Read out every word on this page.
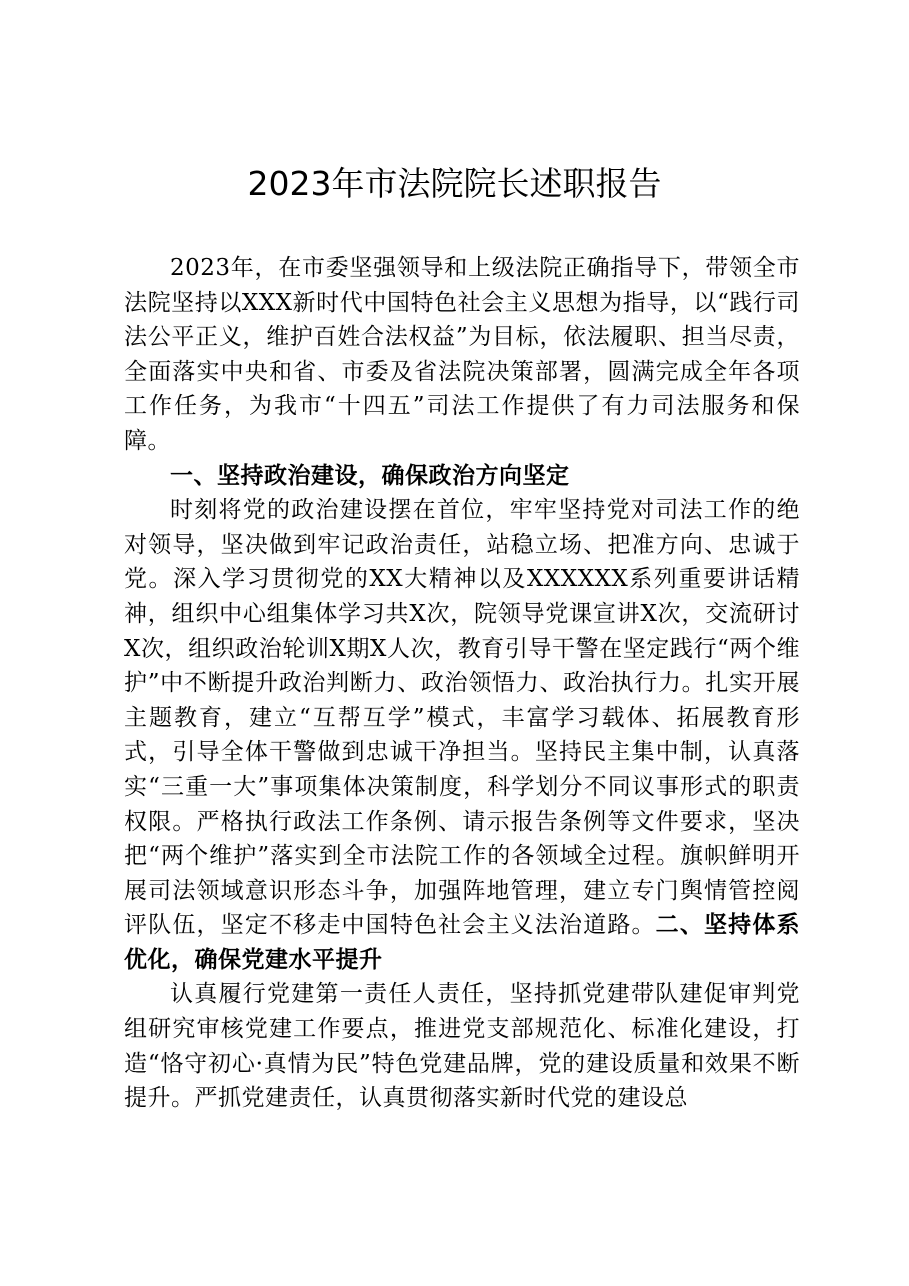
2023年市法院院长述职报告

2023年，在市委坚强领导和上级法院正确指导下，带领全市法院坚持以XXX新时代中国特色社会主义思想为指导，以“践行司法公平正义，维护百姓合法权益”为目标，依法履职、担当尽责，全面落实中央和省、市委及省法院决策部署，圆满完成全年各项工作任务，为我市“十四五”司法工作提供了有力司法服务和保障。

一、坚持政治建设，确保政治方向坚定

时刻将党的政治建设摆在首位，牢牢坚持党对司法工作的绝对领导，坚决做到牢记政治责任，站稳立场、把准方向、忠诚于党。深入学习贯彻党的XX大精神以及XXXXXX系列重要讲话精神，组织中心组集体学习共X次，院领导党课宣讲X次，交流研讨X次，组织政治轮训X期X人次，教育引导干警在坚定践行“两个维护”中不断提升政治判断力、政治领悟力、政治执行力。扎实开展主题教育，建立“互帮互学”模式，丰富学习载体、拓展教育形式，引导全体干警做到忠诚干净担当。坚持民主集中制，认真落实“三重一大”事项集体决策制度，科学划分不同议事形式的职责权限。严格执行政法工作条例、请示报告条例等文件要求，坚决把“两个维护”落实到全市法院工作的各领域全过程。旗帜鲜明开展司法领域意识形态斗争，加强阵地管理，建立专门舆情管控阅评队伍，坚定不移走中国特色社会主义法治道路。二、坚持体系优化，确保党建水平提升

认真履行党建第一责任人责任，坚持抓党建带队建促审判党组研究审核党建工作要点，推进党支部规范化、标准化建设，打造“恪守初心·真情为民”特色党建品牌，党的建设质量和效果不断提升。严抓党建责任，认真贯彻落实新时代党的建设总
